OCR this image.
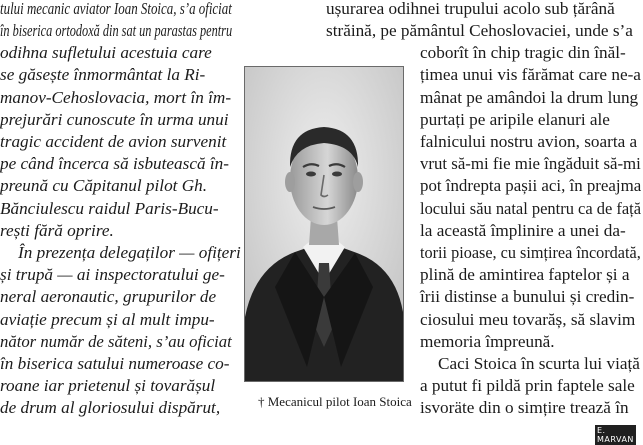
tului mecanic aviator Ioan Stoica, s’a oficiat

în biserica ortodoxă din sat un parastas pentru

odihna sufletului acestuia care

se găsește înmormântat la Ri-

manov-Cehoslovacia, mort în îm-

prejurări cunoscute în urma unui

tragic accident de avion survenit

pe când încerca să isbutească în-

preună cu Căpitanul pilot Gh.

Bănciulescu raidul Paris-Bucu-

rești fără oprire.

În prezența delegaților — ofițeri

și trupă — ai inspectoratului ge-

neral aeronautic, grupurilor de

aviație precum și al mult impu-

nător număr de săteni, s’au oficiat

în biserica satului numeroase co-

roane iar prietenul și tovarășul

de drum al gloriosului dispărut,

E. MARVAN
† Mecanicul pilot Ioan Stoica

ușurarea odihnei trupului acolo sub țărână

străină, pe pământul Cehoslovaciei, unde s’a

coborît în chip tragic din înăl-

țimea unui vis fărămat care ne-a

mânat pe amândoi la drum lung

purtați pe aripile elanuri ale

falnicului nostru avion, soarta a

vrut să-mi fie mie îngăduit să-mi

pot îndrepta pașii aci, în preajma

locului său natal pentru ca de față

la această împlinire a unei da-

torii pioase, cu simțirea încordată,

plină de amintirea faptelor și a

îrii distinse a bunului și credin-

ciosului meu tovarăș, să slavim

memoria împreună.

Caci Stoica în scurta lui viață

a putut fi pildă prin faptele sale

isvoräte din o simțire trează în
